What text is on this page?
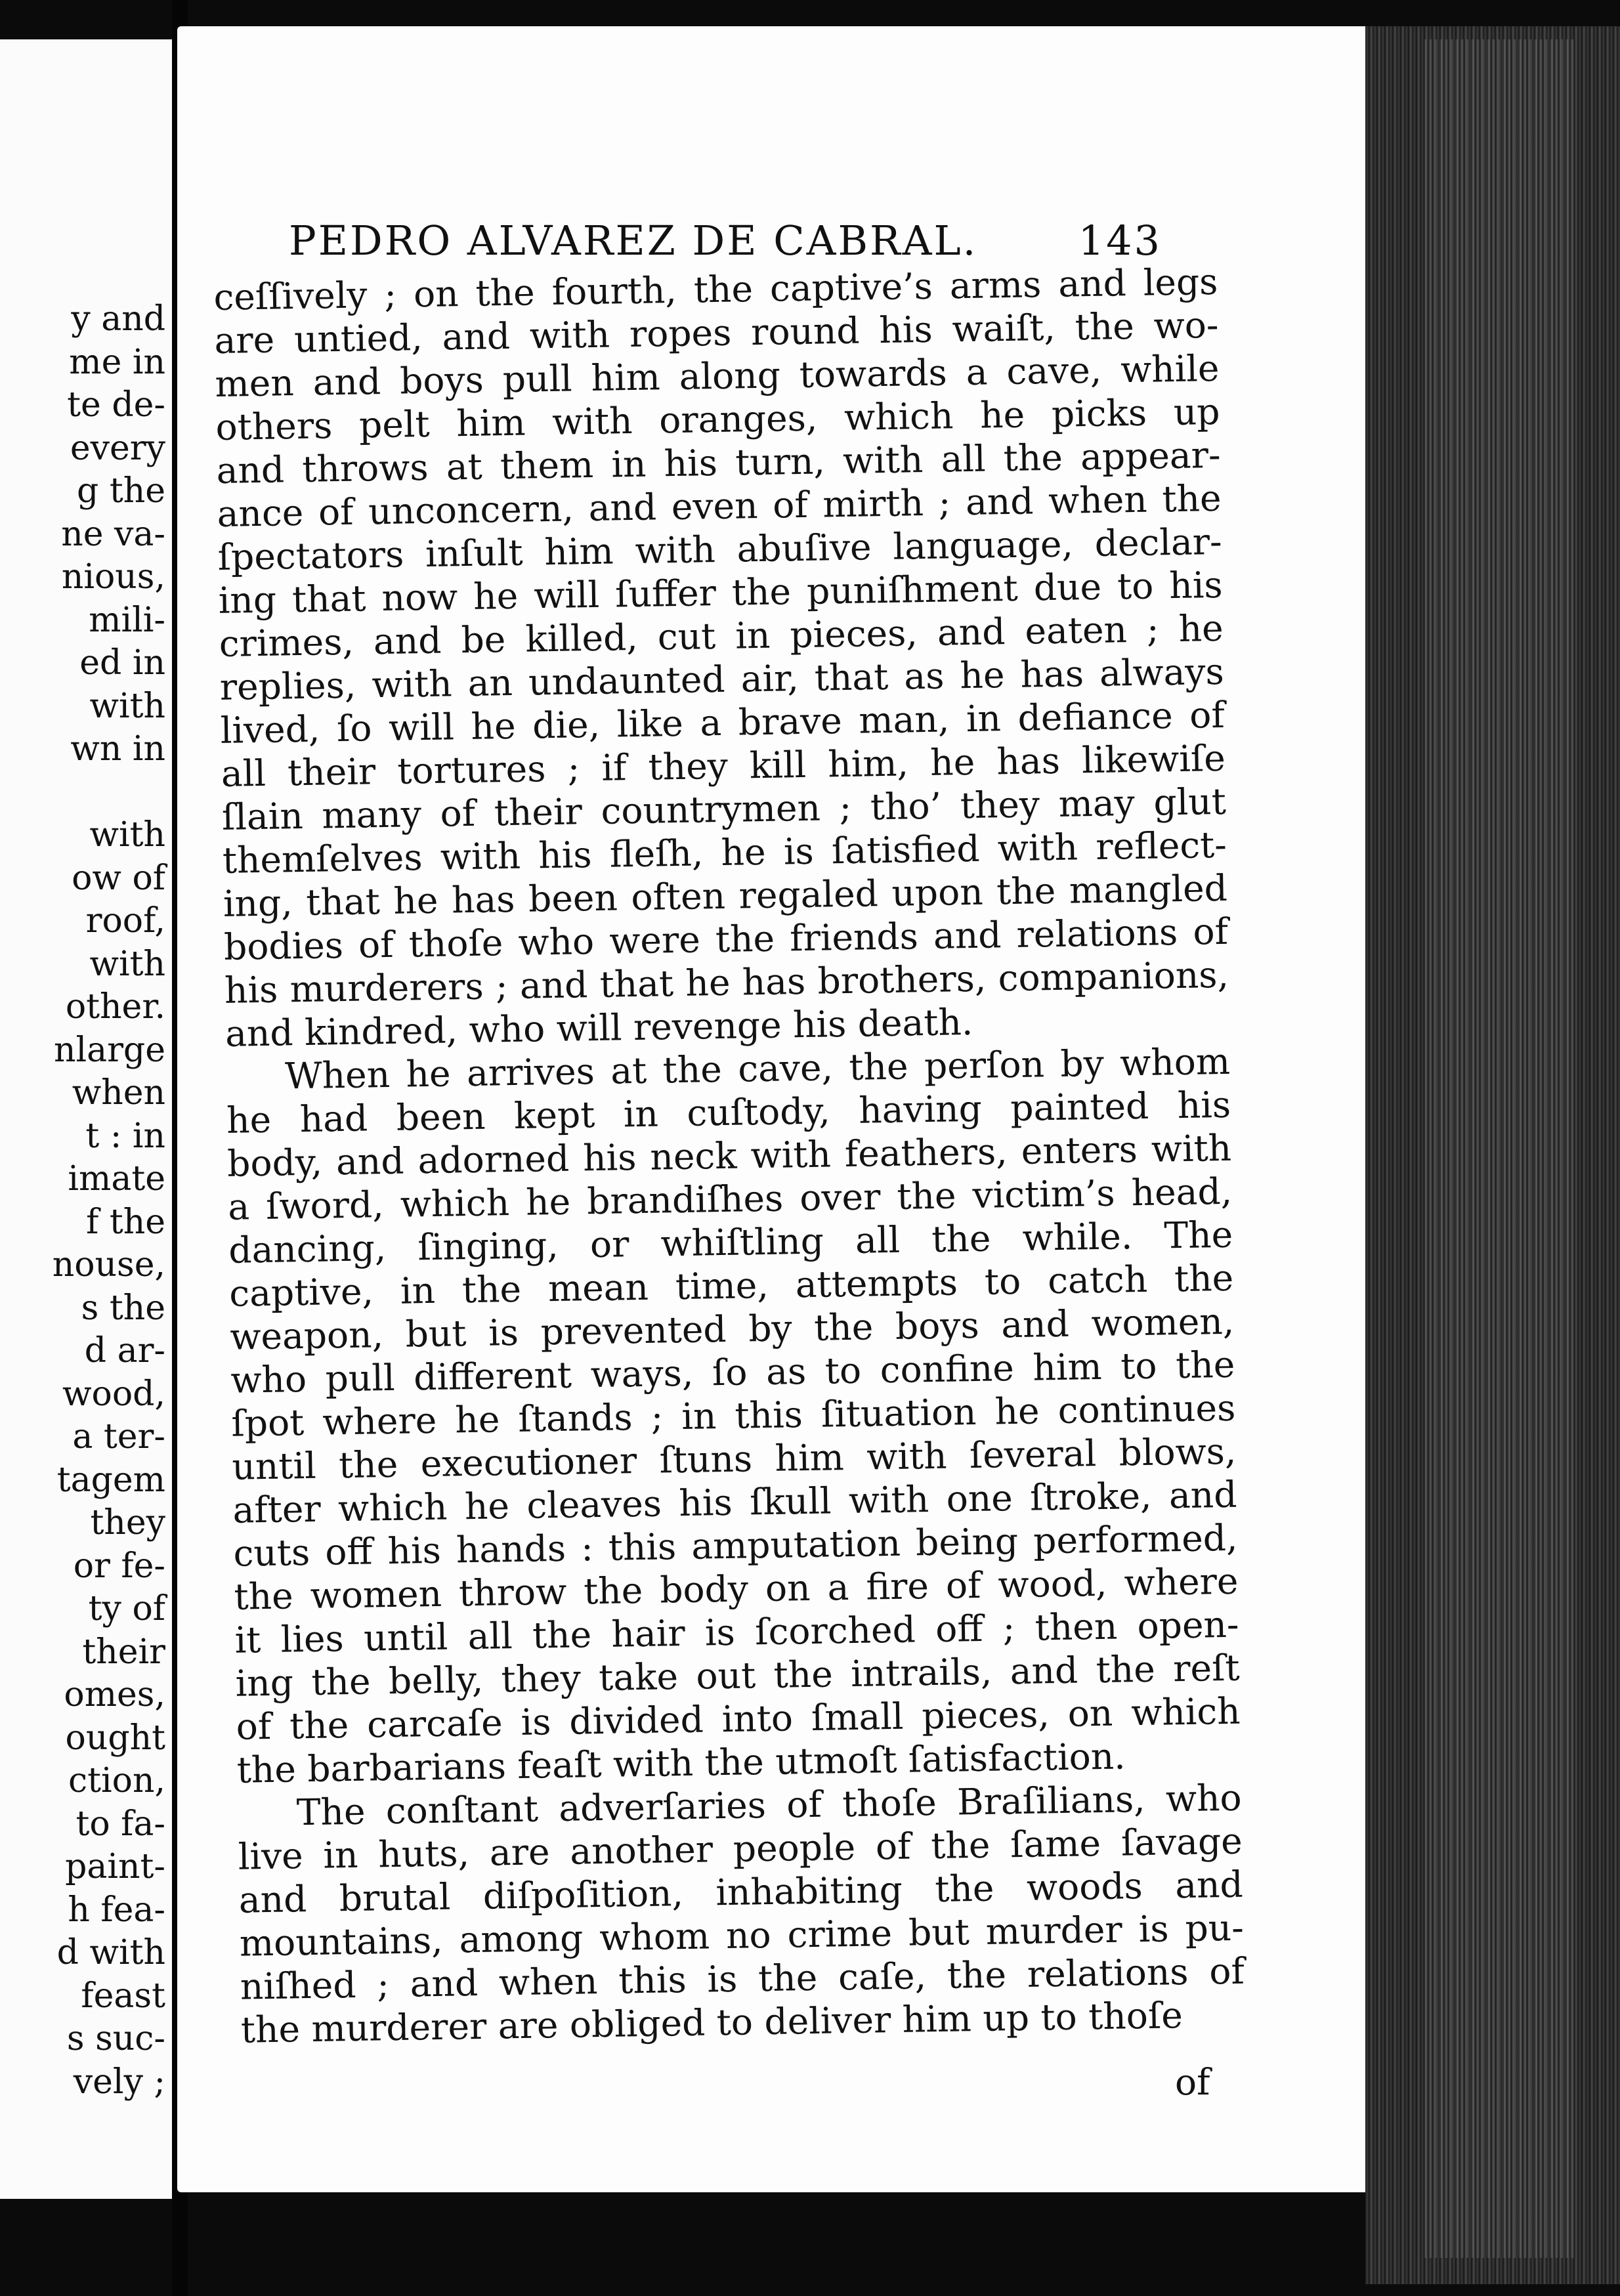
y and
me in
te de-
every
g the
ne va-
nious,
mili-
ed in
with
wn in
with
ow of
roof,
with
other.
nlarge
when
t : in
imate
f the
nouse,
s the
d ar-
wood,
a ter-
tagem
they
or fe-
ty of
their
omes,
ought
ction,
to fa-
paint-
h fea-
d with
feast
s suc-
vely ;
PEDRO ALVAREZ DE CABRAL. 143
ceſſively ; on the fourth, the captive’s arms and legs
are untied, and with ropes round his waiſt, the wo-
men and boys pull him along towards a cave, while
others pelt him with oranges, which he picks up
and throws at them in his turn, with all the appear-
ance of unconcern, and even of mirth ; and when the
ſpectators inſult him with abuſive language, declar-
ing that now he will ſuffer the puniſhment due to his
crimes, and be killed, cut in pieces, and eaten ; he
replies, with an undaunted air, that as he has always
lived, ſo will he die, like a brave man, in defiance of
all their tortures ; if they kill him, he has likewiſe
ſlain many of their countrymen ; tho’ they may glut
themſelves with his fleſh, he is ſatisfied with reflect-
ing, that he has been often regaled upon the mangled
bodies of thoſe who were the friends and relations of
his murderers ; and that he has brothers, companions,
and kindred, who will revenge his death.
When he arrives at the cave, the perſon by whom
he had been kept in cuſtody, having painted his
body, and adorned his neck with feathers, enters with
a ſword, which he brandiſhes over the victim’s head,
dancing, ſinging, or whiſtling all the while. The
captive, in the mean time, attempts to catch the
weapon, but is prevented by the boys and women,
who pull different ways, ſo as to confine him to the
ſpot where he ſtands ; in this ſituation he continues
until the executioner ſtuns him with ſeveral blows,
after which he cleaves his ſkull with one ſtroke, and
cuts off his hands : this amputation being performed,
the women throw the body on a fire of wood, where
it lies until all the hair is ſcorched off ; then open-
ing the belly, they take out the intrails, and the reſt
of the carcaſe is divided into ſmall pieces, on which
the barbarians feaſt with the utmoſt ſatisfaction.
The conſtant adverſaries of thoſe Braſilians, who
live in huts, are another people of the ſame ſavage
and brutal diſpoſition, inhabiting the woods and
mountains, among whom no crime but murder is pu-
niſhed ; and when this is the caſe, the relations of
the murderer are obliged to deliver him up to thoſe
of
